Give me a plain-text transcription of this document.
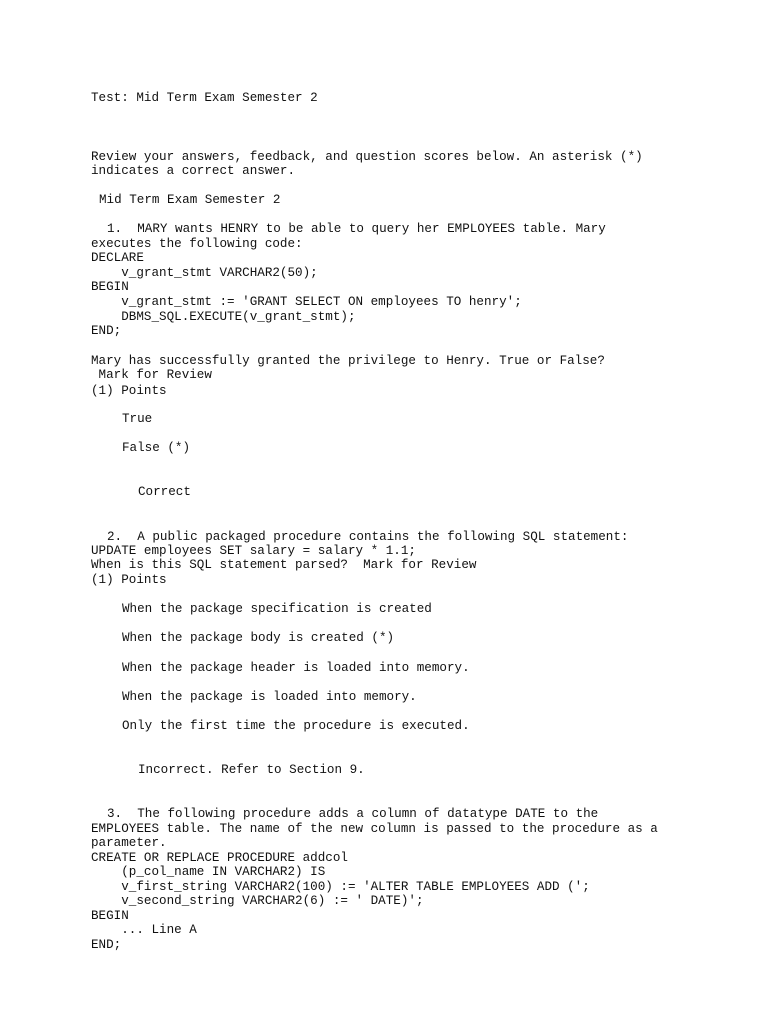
Test: Mid Term Exam Semester 2

Review your answers, feedback, and question scores below. An asterisk (*)

indicates a correct answer.

Mid Term Exam Semester 2

1.  MARY wants HENRY to be able to query her EMPLOYEES table. Mary

executes the following code:

DECLARE

v_grant_stmt VARCHAR2(50);

BEGIN

v_grant_stmt := 'GRANT SELECT ON employees TO henry';

DBMS_SQL.EXECUTE(v_grant_stmt);

END;

Mary has successfully granted the privilege to Henry. True or False?

Mark for Review

(1) Points

True

False (*)

Correct

2.  A public packaged procedure contains the following SQL statement:

UPDATE employees SET salary = salary * 1.1;

When is this SQL statement parsed?  Mark for Review

(1) Points

When the package specification is created

When the package body is created (*)

When the package header is loaded into memory.

When the package is loaded into memory.

Only the first time the procedure is executed.

Incorrect. Refer to Section 9.

3.  The following procedure adds a column of datatype DATE to the

EMPLOYEES table. The name of the new column is passed to the procedure as a

parameter.

CREATE OR REPLACE PROCEDURE addcol

(p_col_name IN VARCHAR2) IS

v_first_string VARCHAR2(100) := 'ALTER TABLE EMPLOYEES ADD (';

v_second_string VARCHAR2(6) := ' DATE)';

BEGIN

... Line A

END;
